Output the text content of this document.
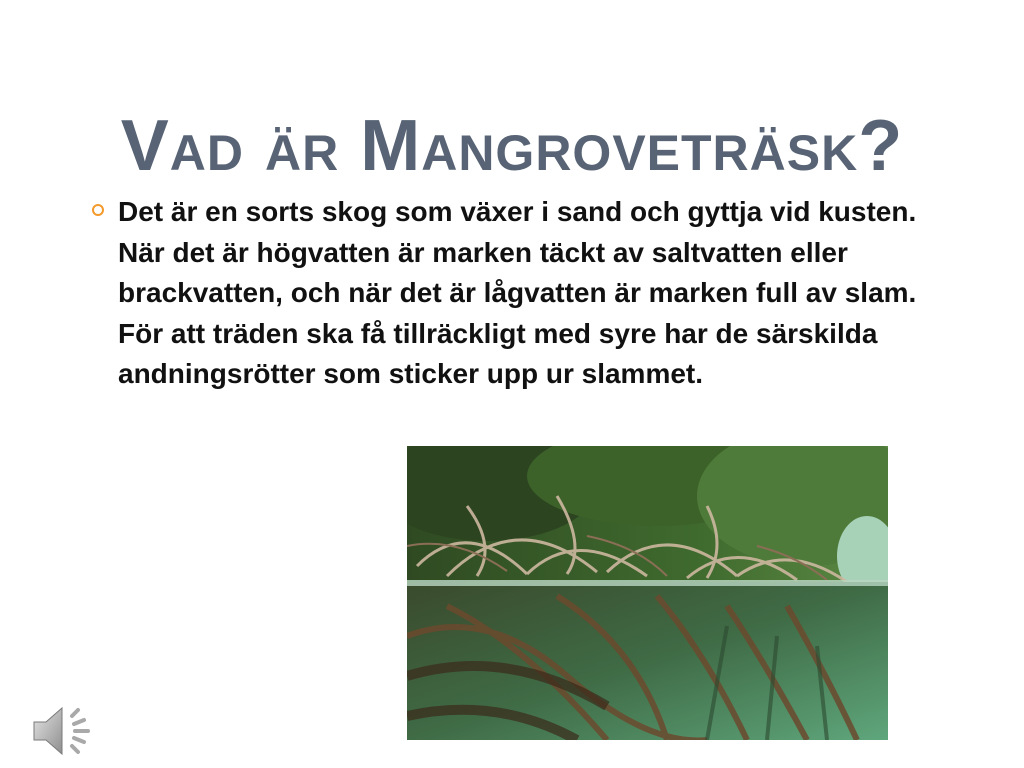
Vad är Mangroveträsk?
Det är en sorts skog som växer i sand och gyttja vid kusten. När det är högvatten är marken täckt av saltvatten eller brackvatten, och när det är lågvatten är marken full av slam. För att träden ska få tillräckligt med syre har de särskilda andningsrötter som sticker upp ur slammet.
